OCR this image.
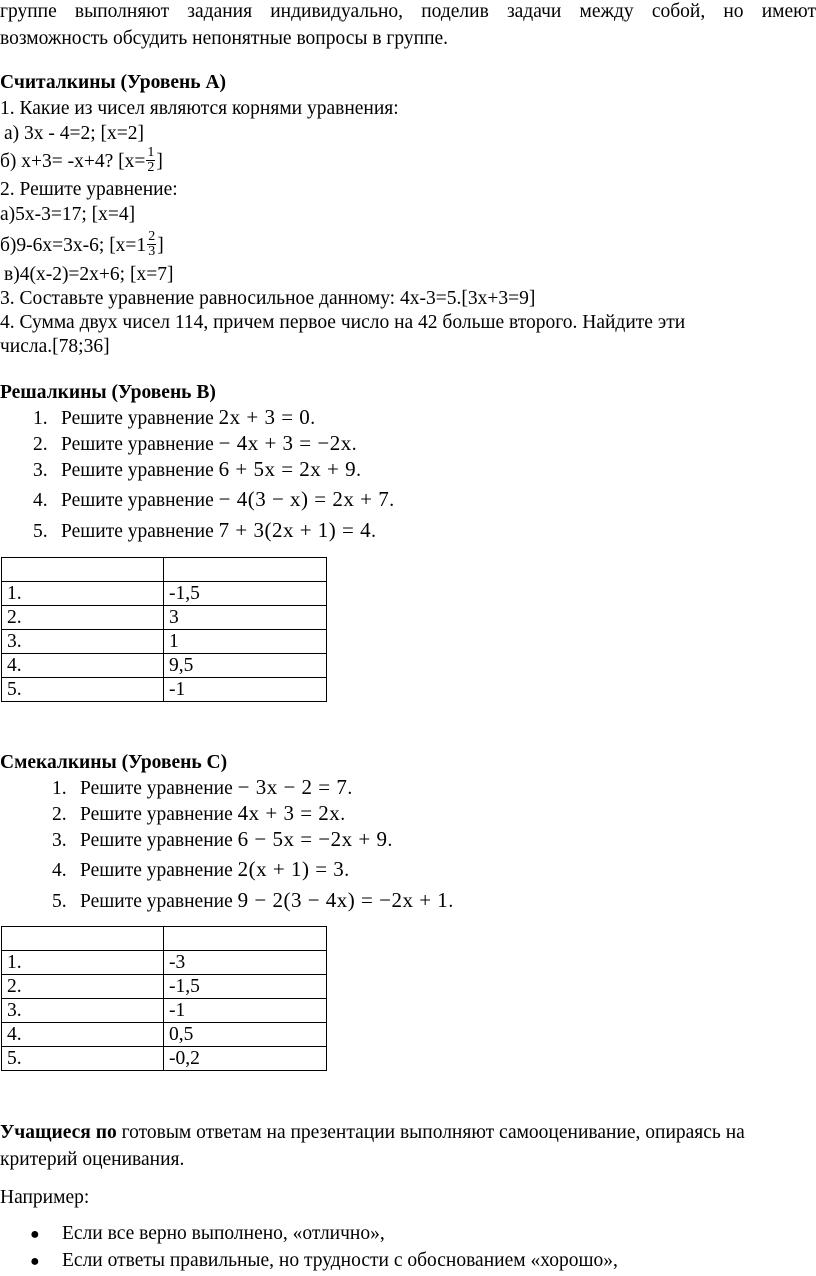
группе выполняют задания индивидуально, поделив задачи между собой, но имеют
возможность обсудить непонятные вопросы в группе.
Считалкины (Уровень А)
1. Какие из чисел являются корнями уравнения:
а) 3х - 4=2; [x=2]
б) х+3= -х+4? [$x= \frac{1}{2}$ ]
2. Решите уравнение:
а)5х-3=17; [x=4]
б)9-6х=3х-6; [$x=1 \frac{2}{3}$ ]
в)4(х-2)=2х+6; [x=7]
3. Составьте уравнение равносильное данному: 4х-3=5.[3x+3=9]
4. Сумма двух чисел 114, причем первое число на 42 больше второго. Найдите эти
числа.[78;36]
Решалкины (Уровень В)
1. Решите уравнение 2x + 3 = 0.
2. Решите уравнение − 4x + 3 = −2x.
3. Решите уравнение 6 + 5x = 2x + 9.
4. Решите уравнение − 4(3 − x) = 2x + 7.
5. Решите уравнение 7 + 3(2x + 1) = 4.

1.	-1,5
2.	3
3.	1
4.	9,5
5.	-1
Смекалкины (Уровень С)
1. Решите уравнение − 3x − 2 = 7.
2. Решите уравнение 4x + 3 = 2x.
3. Решите уравнение 6 − 5x = −2x + 9.
4. Решите уравнение 2(x + 1) = 3.
5. Решите уравнение 9 − 2(3 − 4x) = −2x + 1.

1.	-3
2.	-1,5
3.	-1
4.	0,5
5.	-0,2
Учащиеся по готовым ответам на презентации выполняют самооценивание, опираясь на
критерий оценивания.
Например:
● Если все верно выполнено, «отлично»,
● Если ответы правильные, но трудности с обоснованием «хорошо»,
